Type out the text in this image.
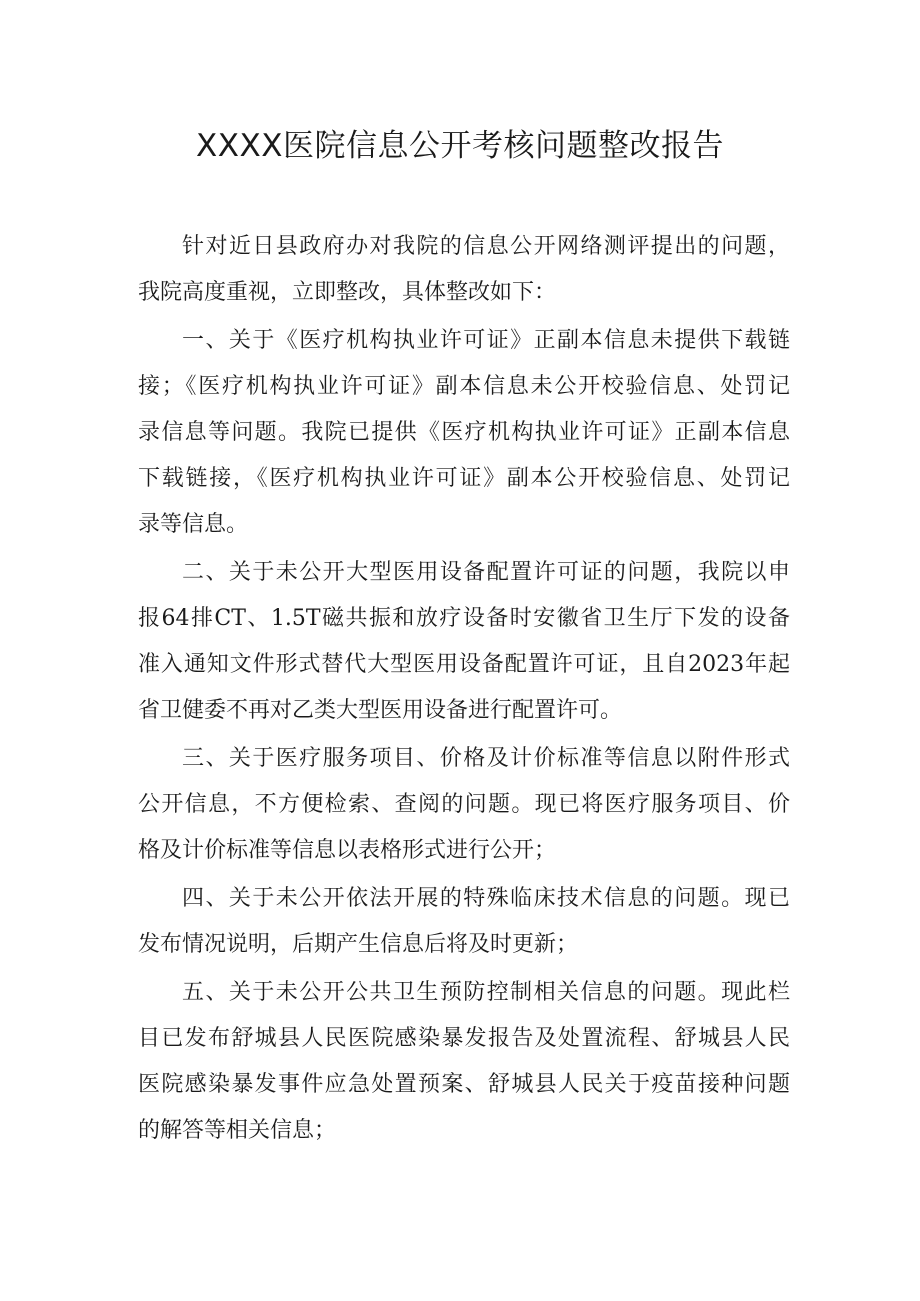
XXXX医院信息公开考核问题整改报告
针对近日县政府办对我院的信息公开网络测评提出的问题，
我院高度重视，立即整改，具体整改如下：
一、关于《医疗机构执业许可证》正副本信息未提供下载链
接；《医疗机构执业许可证》副本信息未公开校验信息、处罚记
录信息等问题。我院已提供《医疗机构执业许可证》正副本信息
下载链接，《医疗机构执业许可证》副本公开校验信息、处罚记
录等信息。
二、关于未公开大型医用设备配置许可证的问题，我院以申
报64排CT、1.5T磁共振和放疗设备时安徽省卫生厅下发的设备
准入通知文件形式替代大型医用设备配置许可证，且自2023年起
省卫健委不再对乙类大型医用设备进行配置许可。
三、关于医疗服务项目、价格及计价标准等信息以附件形式
公开信息，不方便检索、查阅的问题。现已将医疗服务项目、价
格及计价标准等信息以表格形式进行公开；
四、关于未公开依法开展的特殊临床技术信息的问题。现已
发布情况说明，后期产生信息后将及时更新；
五、关于未公开公共卫生预防控制相关信息的问题。现此栏
目已发布舒城县人民医院感染暴发报告及处置流程、舒城县人民
医院感染暴发事件应急处置预案、舒城县人民关于疫苗接种问题
的解答等相关信息；
